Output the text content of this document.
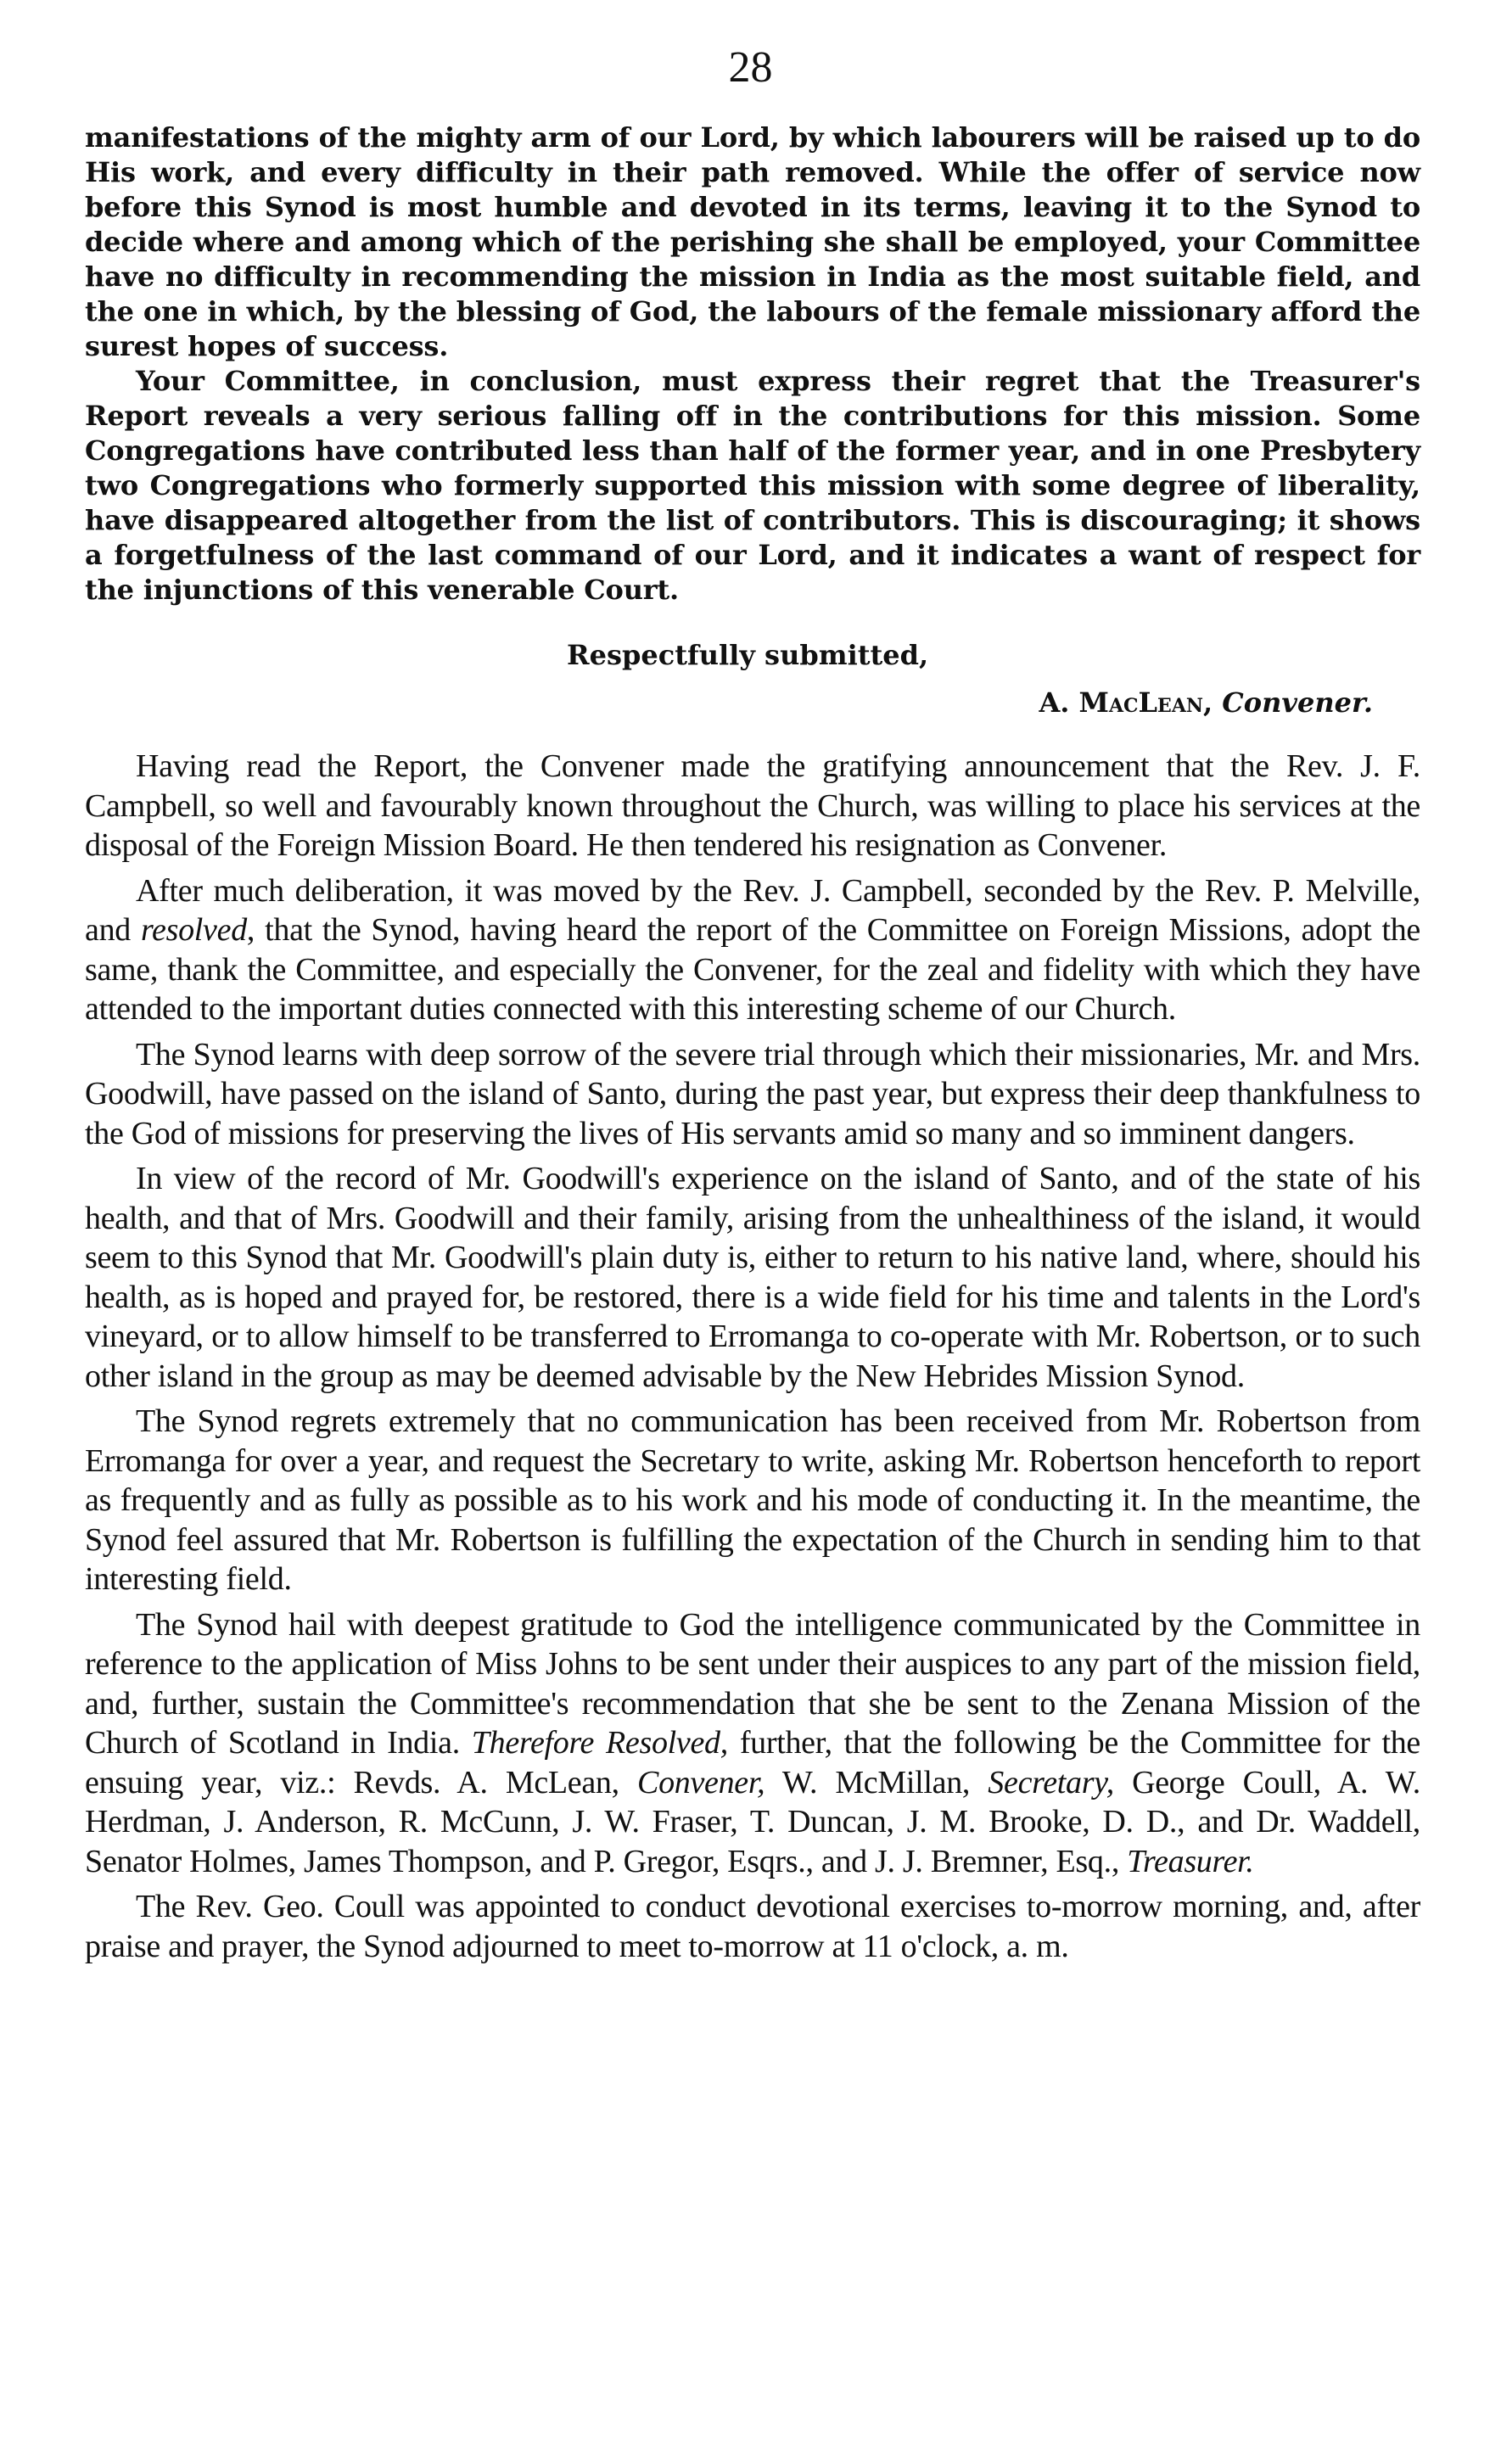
28

manifestations of the mighty arm of our Lord, by which labourers will be raised up to do His work, and every difficulty in their path removed. While the offer of service now before this Synod is most humble and devoted in its terms, leaving it to the Synod to decide where and among which of the perishing she shall be employed, your Committee have no difficulty in recommending the mission in India as the most suitable field, and the one in which, by the blessing of God, the labours of the female missionary afford the surest hopes of success.

Your Committee, in conclusion, must express their regret that the Treasurer's Report reveals a very serious falling off in the contributions for this mission. Some Congregations have contributed less than half of the former year, and in one Presbytery two Congregations who formerly supported this mission with some degree of liberality, have disappeared altogether from the list of contributors. This is discouraging; it shows a forgetfulness of the last command of our Lord, and it indicates a want of respect for the injunctions of this venerable Court.

Respectfully submitted,
A. MacLean, Convener.

Having read the Report, the Convener made the gratifying announcement that the Rev. J. F. Campbell, so well and favourably known throughout the Church, was willing to place his services at the disposal of the Foreign Mission Board. He then tendered his resignation as Convener.

After much deliberation, it was moved by the Rev. J. Campbell, seconded by the Rev. P. Melville, and resolved, that the Synod, having heard the report of the Committee on Foreign Missions, adopt the same, thank the Committee, and especially the Convener, for the zeal and fidelity with which they have attended to the important duties connected with this interesting scheme of our Church.

The Synod learns with deep sorrow of the severe trial through which their missionaries, Mr. and Mrs. Goodwill, have passed on the island of Santo, during the past year, but express their deep thankfulness to the God of missions for preserving the lives of His servants amid so many and so imminent dangers.

In view of the record of Mr. Goodwill's experience on the island of Santo, and of the state of his health, and that of Mrs. Goodwill and their family, arising from the unhealthiness of the island, it would seem to this Synod that Mr. Goodwill's plain duty is, either to return to his native land, where, should his health, as is hoped and prayed for, be restored, there is a wide field for his time and talents in the Lord's vineyard, or to allow himself to be transferred to Erromanga to co-operate with Mr. Robertson, or to such other island in the group as may be deemed advisable by the New Hebrides Mission Synod.

The Synod regrets extremely that no communication has been received from Mr. Robertson from Erromanga for over a year, and request the Secretary to write, asking Mr. Robertson henceforth to report as frequently and as fully as possible as to his work and his mode of conducting it. In the meantime, the Synod feel assured that Mr. Robertson is fulfilling the expectation of the Church in sending him to that interesting field.

The Synod hail with deepest gratitude to God the intelligence communicated by the Committee in reference to the application of Miss Johns to be sent under their auspices to any part of the mission field, and, further, sustain the Committee's recommendation that she be sent to the Zenana Mission of the Church of Scotland in India. Therefore Resolved, further, that the following be the Committee for the ensuing year, viz.: Revds. A. McLean, Convener, W. McMillan, Secretary, George Coull, A. W. Herdman, J. Anderson, R. McCunn, J. W. Fraser, T. Duncan, J. M. Brooke, D. D., and Dr. Waddell, Senator Holmes, James Thompson, and P. Gregor, Esqrs., and J. J. Bremner, Esq., Treasurer.

The Rev. Geo. Coull was appointed to conduct devotional exercises to-morrow morning, and, after praise and prayer, the Synod adjourned to meet to-morrow at 11 o'clock, a. m.
